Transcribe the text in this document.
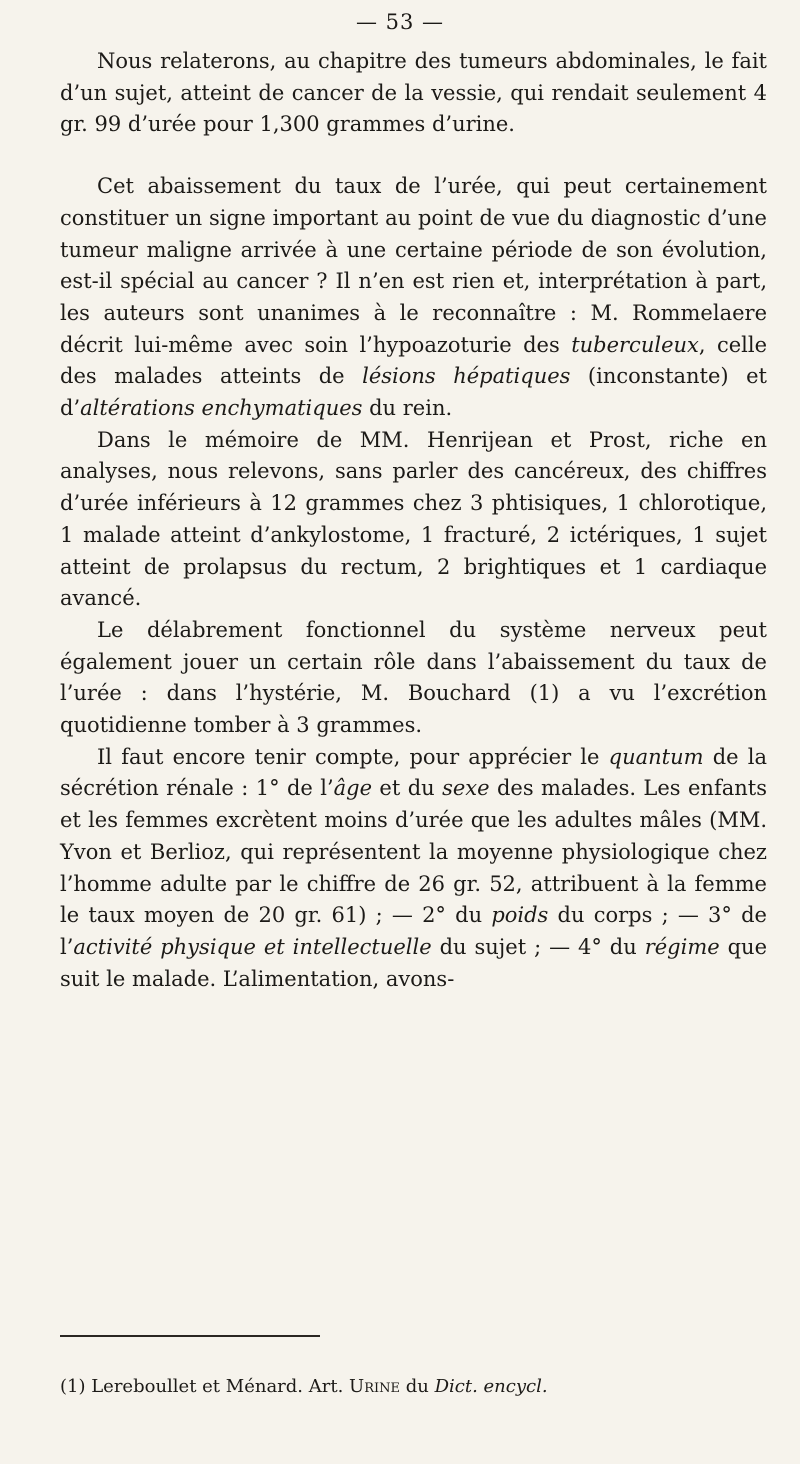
— 53 —

Nous relaterons, au chapitre des tumeurs abdominales, le fait d’un sujet, atteint de cancer de la vessie, qui rendait seulement 4 gr. 99 d’urée pour 1,300 grammes d’urine.

Cet abaissement du taux de l’urée, qui peut certainement constituer un signe important au point de vue du diagnostic d’une tumeur maligne arrivée à une certaine période de son évolution, est-il spécial au cancer ? Il n’en est rien et, interprétation à part, les auteurs sont unanimes à le reconnaître : M. Rommelaere décrit lui-même avec soin l’hypoazoturie des tuberculeux, celle des malades atteints de lésions hépatiques (inconstante) et d’altérations enchymatiques du rein.

Dans le mémoire de MM. Henrijean et Prost, riche en analyses, nous relevons, sans parler des cancéreux, des chiffres d’urée inférieurs à 12 grammes chez 3 phtisiques, 1 chlorotique, 1 malade atteint d’ankylostome, 1 fracturé, 2 ictériques, 1 sujet atteint de prolapsus du rectum, 2 brightiques et 1 cardiaque avancé.

Le délabrement fonctionnel du système nerveux peut également jouer un certain rôle dans l’abaissement du taux de l’urée : dans l’hystérie, M. Bouchard (1) a vu l’excrétion quotidienne tomber à 3 grammes.

Il faut encore tenir compte, pour apprécier le quantum de la sécrétion rénale : 1° de l’âge et du sexe des malades. Les enfants et les femmes excrètent moins d’urée que les adultes mâles (MM. Yvon et Berlioz, qui représentent la moyenne physiologique chez l’homme adulte par le chiffre de 26 gr. 52, attribuent à la femme le taux moyen de 20 gr. 61) ; — 2° du poids du corps ; — 3° de l’activité physique et intellectuelle du sujet ; — 4° du régime que suit le malade. L’alimentation, avons-

(1) Lereboullet et Ménard. Art. Urine du Dict. encycl.
